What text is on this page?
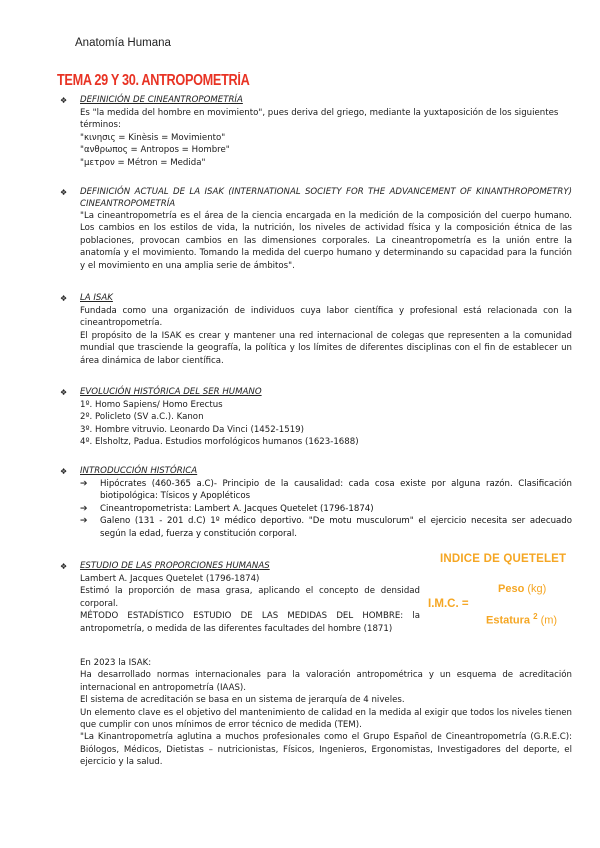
Anatomía Humana
TEMA 29 Y 30. ANTROPOMETRÍA
❖	DEFINICIÓN DE CINEANTROPOMETRÍA

Es "la medida del hombre en movimiento", pues deriva del griego, mediante la yuxtaposición de los siguientes términos:

"κινησις = Kinèsis = Movimiento"

"ανθρωπος = Antropos = Hombre"

"μετρον = Métron = Medida"

❖	DEFINICIÓN ACTUAL DE LA ISAK (INTERNATIONAL SOCIETY FOR THE ADVANCEMENT OF KINANTHROPOMETRY) CINEANTROPOMETRÍA

"La cineantropometría es el área de la ciencia encargada en la medición de la composición del cuerpo humano. Los cambios en los estilos de vida, la nutrición, los niveles de actividad física y la composición étnica de las poblaciones, provocan cambios en las dimensiones corporales. La cineantropometría es la unión entre la anatomía y el movimiento. Tomando la medida del cuerpo humano y determinando su capacidad para la función y el movimiento en una amplia serie de ámbitos".

❖	LA ISAK

Fundada como una organización de individuos cuya labor científica y profesional está relacionada con la cineantropometría.

El propósito de la ISAK es crear y mantener una red internacional de colegas que representen a la comunidad mundial que trasciende la geografía, la política y los límites de diferentes disciplinas con el fin de establecer un área dinámica de labor científica.

❖	EVOLUCIÓN HISTÓRICA DEL SER HUMANO

1º. Homo Sapiens/ Homo Erectus

2º. Policleto (SV a.C.). Kanon

3º. Hombre vitruvio. Leonardo Da Vinci (1452-1519)

4º. Elsholtz, Padua. Estudios morfológicos humanos (1623-1688)

❖	INTRODUCCIÓN HISTÓRICA
➔	Hipócrates (460-365 a.C)- Principio de la causalidad: cada cosa existe por alguna razón. Clasificación biotipológica: Tísicos y Apopléticos
➔	Cineantropometrista: Lambert A. Jacques Quetelet (1796-1874)
➔	Galeno (131 - 201 d.C) 1º médico deportivo. "De motu musculorum" el ejercicio necesita ser adecuado según la edad, fuerza y constitución corporal.
❖	ESTUDIO DE LAS PROPORCIONES HUMANAS

Lambert A. Jacques Quetelet (1796-1874)

Estimó la proporción de masa grasa, aplicando el concepto de densidad corporal.

MÉTODO ESTADÍSTICO ESTUDIO DE LAS MEDIDAS DEL HOMBRE: la antropometría, o medida de las diferentes facultades del hombre (1871)

INDICE DE QUETELET
Peso (kg)
I.M.C. =
Estatura $^2$ (m)

En 2023 la ISAK:

Ha desarrollado normas internacionales para la valoración antropométrica y un esquema de acreditación internacional en antropometría (IAAS).

El sistema de acreditación se basa en un sistema de jerarquía de 4 niveles.

Un elemento clave es el objetivo del mantenimiento de calidad en la medida al exigir que todos los niveles tienen que cumplir con unos mínimos de error técnico de medida (TEM).

"La Kinantropometría aglutina a muchos profesionales como el Grupo Español de Cineantropometría (G.R.E.C): Biólogos, Médicos, Dietistas – nutricionistas, Físicos, Ingenieros, Ergonomistas, Investigadores del deporte, el ejercicio y la salud.
